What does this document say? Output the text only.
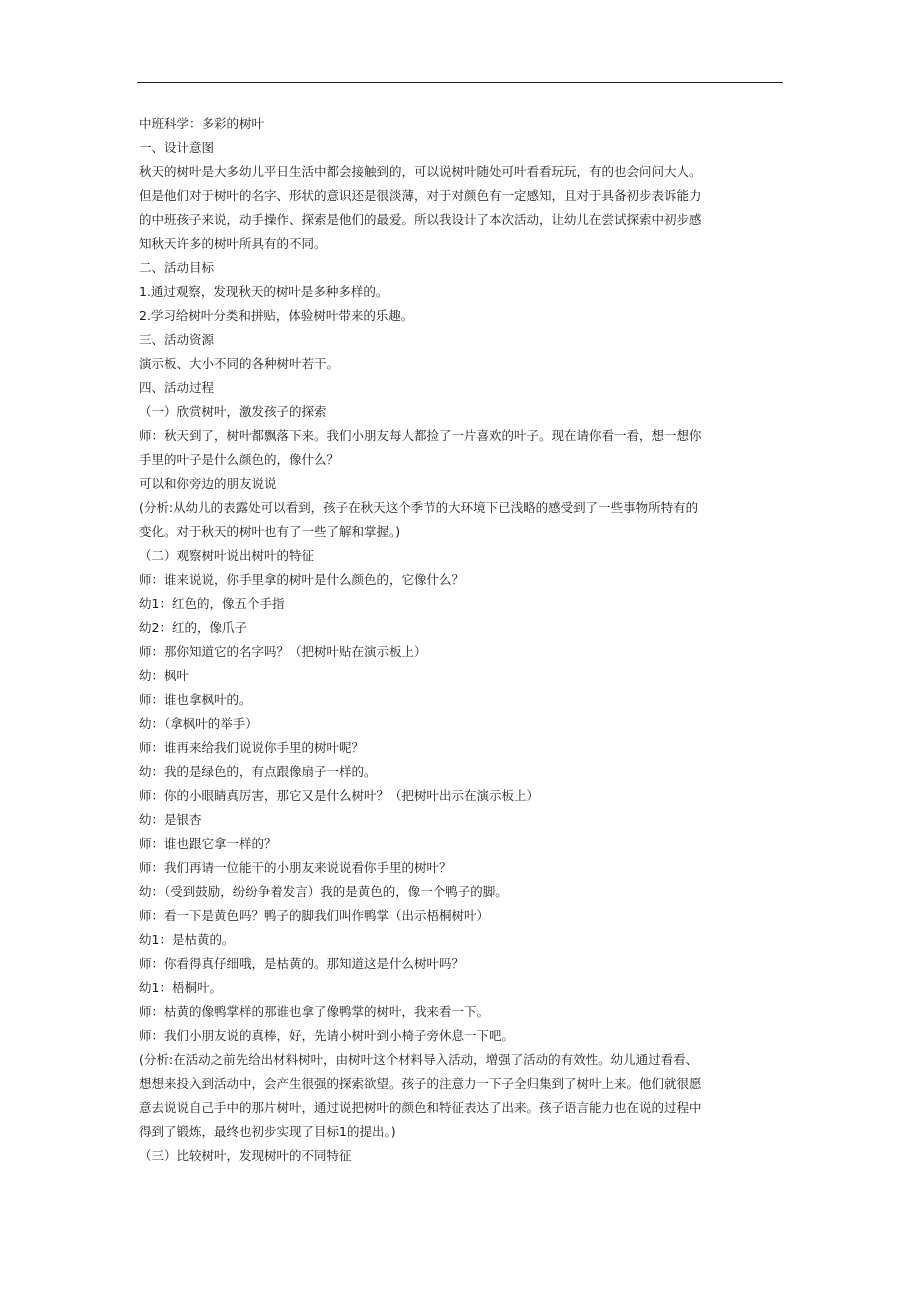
中班科学：多彩的树叶
一、设计意图
秋天的树叶是大多幼儿平日生活中都会接触到的，可以说树叶随处可叶看看玩玩，有的也会问问大人。
但是他们对于树叶的名字、形状的意识还是很淡薄，对于对颜色有一定感知，且对于具备初步表诉能力
的中班孩子来说，动手操作、探索是他们的最爱。所以我设计了本次活动，让幼儿在尝试探索中初步感
知秋天许多的树叶所具有的不同。
二、活动目标
1.通过观察，发现秋天的树叶是多种多样的。
2.学习给树叶分类和拼贴，体验树叶带来的乐趣。
三、活动资源
演示板、大小不同的各种树叶若干。
四、活动过程
（一）欣赏树叶，激发孩子的探索
师：秋天到了，树叶都飘落下来。我们小朋友每人都捡了一片喜欢的叶子。现在请你看一看，想一想你
手里的叶子是什么颜色的，像什么？
可以和你旁边的朋友说说
(分析:从幼儿的表露处可以看到，孩子在秋天这个季节的大环境下已浅略的感受到了一些事物所特有的
变化。对于秋天的树叶也有了一些了解和掌握。)
（二）观察树叶说出树叶的特征
师：谁来说说，你手里拿的树叶是什么颜色的，它像什么？
幼1：红色的，像五个手指
幼2：红的，像爪子
师：那你知道它的名字吗？（把树叶贴在演示板上）
幼：枫叶
师：谁也拿枫叶的。
幼：（拿枫叶的举手）
师：谁再来给我们说说你手里的树叶呢？
幼：我的是绿色的，有点跟像扇子一样的。
师：你的小眼睛真厉害，那它又是什么树叶？（把树叶出示在演示板上）
幼：是银杏
师：谁也跟它拿一样的？
师：我们再请一位能干的小朋友来说说看你手里的树叶？
幼：（受到鼓励，纷纷争着发言）我的是黄色的，像一个鸭子的脚。
师：看一下是黄色吗？鸭子的脚我们叫作鸭掌（出示梧桐树叶）
幼1：是枯黄的。
师：你看得真仔细哦，是枯黄的。那知道这是什么树叶吗？
幼1：梧桐叶。
师：枯黄的像鸭掌样的那谁也拿了像鸭掌的树叶，我来看一下。
师：我们小朋友说的真棒，好，先请小树叶到小椅子旁休息一下吧。
(分析:在活动之前先给出材料树叶，由树叶这个材料导入活动，增强了活动的有效性。幼儿通过看看、
想想来投入到活动中，会产生很强的探索欲望。孩子的注意力一下子全归集到了树叶上来。他们就很愿
意去说说自己手中的那片树叶，通过说把树叶的颜色和特征表达了出来。孩子语言能力也在说的过程中
得到了锻炼，最终也初步实现了目标1的提出。)
（三）比较树叶，发现树叶的不同特征
